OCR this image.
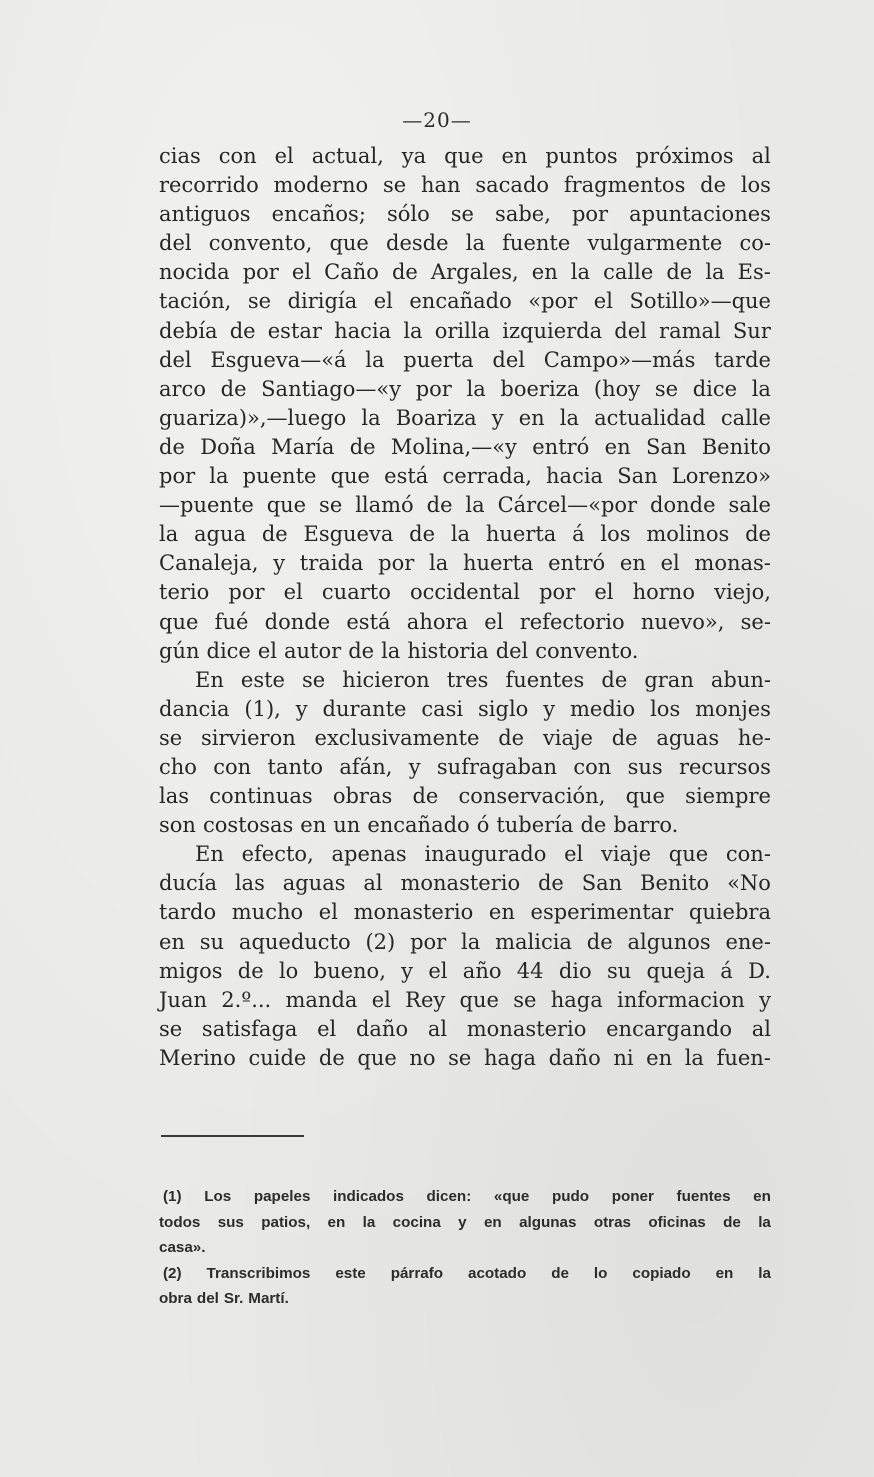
—20—
cias con el actual, ya que en puntos próximos al
recorrido moderno se han sacado fragmentos de los
antiguos encaños; sólo se sabe, por apuntaciones
del convento, que desde la fuente vulgarmente co-
nocida por el Caño de Argales, en la calle de la Es-
tación, se dirigía el encañado «por el Sotillo»—que
debía de estar hacia la orilla izquierda del ramal Sur
del Esgueva—«á la puerta del Campo»—más tarde
arco de Santiago—«y por la boeriza (hoy se dice la
guariza)»,—luego la Boariza y en la actualidad calle
de Doña María de Molina,—«y entró en San Benito
por la puente que está cerrada, hacia San Lorenzo»
—puente que se llamó de la Cárcel—«por donde sale
la agua de Esgueva de la huerta á los molinos de
Canaleja, y traida por la huerta entró en el monas-
terio por el cuarto occidental por el horno viejo,
que fué donde está ahora el refectorio nuevo», se-
gún dice el autor de la historia del convento.
En este se hicieron tres fuentes de gran abun-
dancia (1), y durante casi siglo y medio los monjes
se sirvieron exclusivamente de viaje de aguas he-
cho con tanto afán, y sufragaban con sus recursos
las continuas obras de conservación, que siempre
son costosas en un encañado ó tubería de barro.
En efecto, apenas inaugurado el viaje que con-
ducía las aguas al monasterio de San Benito «No
tardo mucho el monasterio en esperimentar quiebra
en su aqueducto (2) por la malicia de algunos ene-
migos de lo bueno, y el año 44 dio su queja á D.
Juan 2.º... manda el Rey que se haga informacion y
se satisfaga el daño al monasterio encargando al
Merino cuide de que no se haga daño ni en la fuen-
(1) Los papeles indicados dicen: «que pudo poner fuentes en
todos sus patios, en la cocina y en algunas otras oficinas de la
casa».
(2) Transcribimos este párrafo acotado de lo copiado en la
obra del Sr. Martí.
